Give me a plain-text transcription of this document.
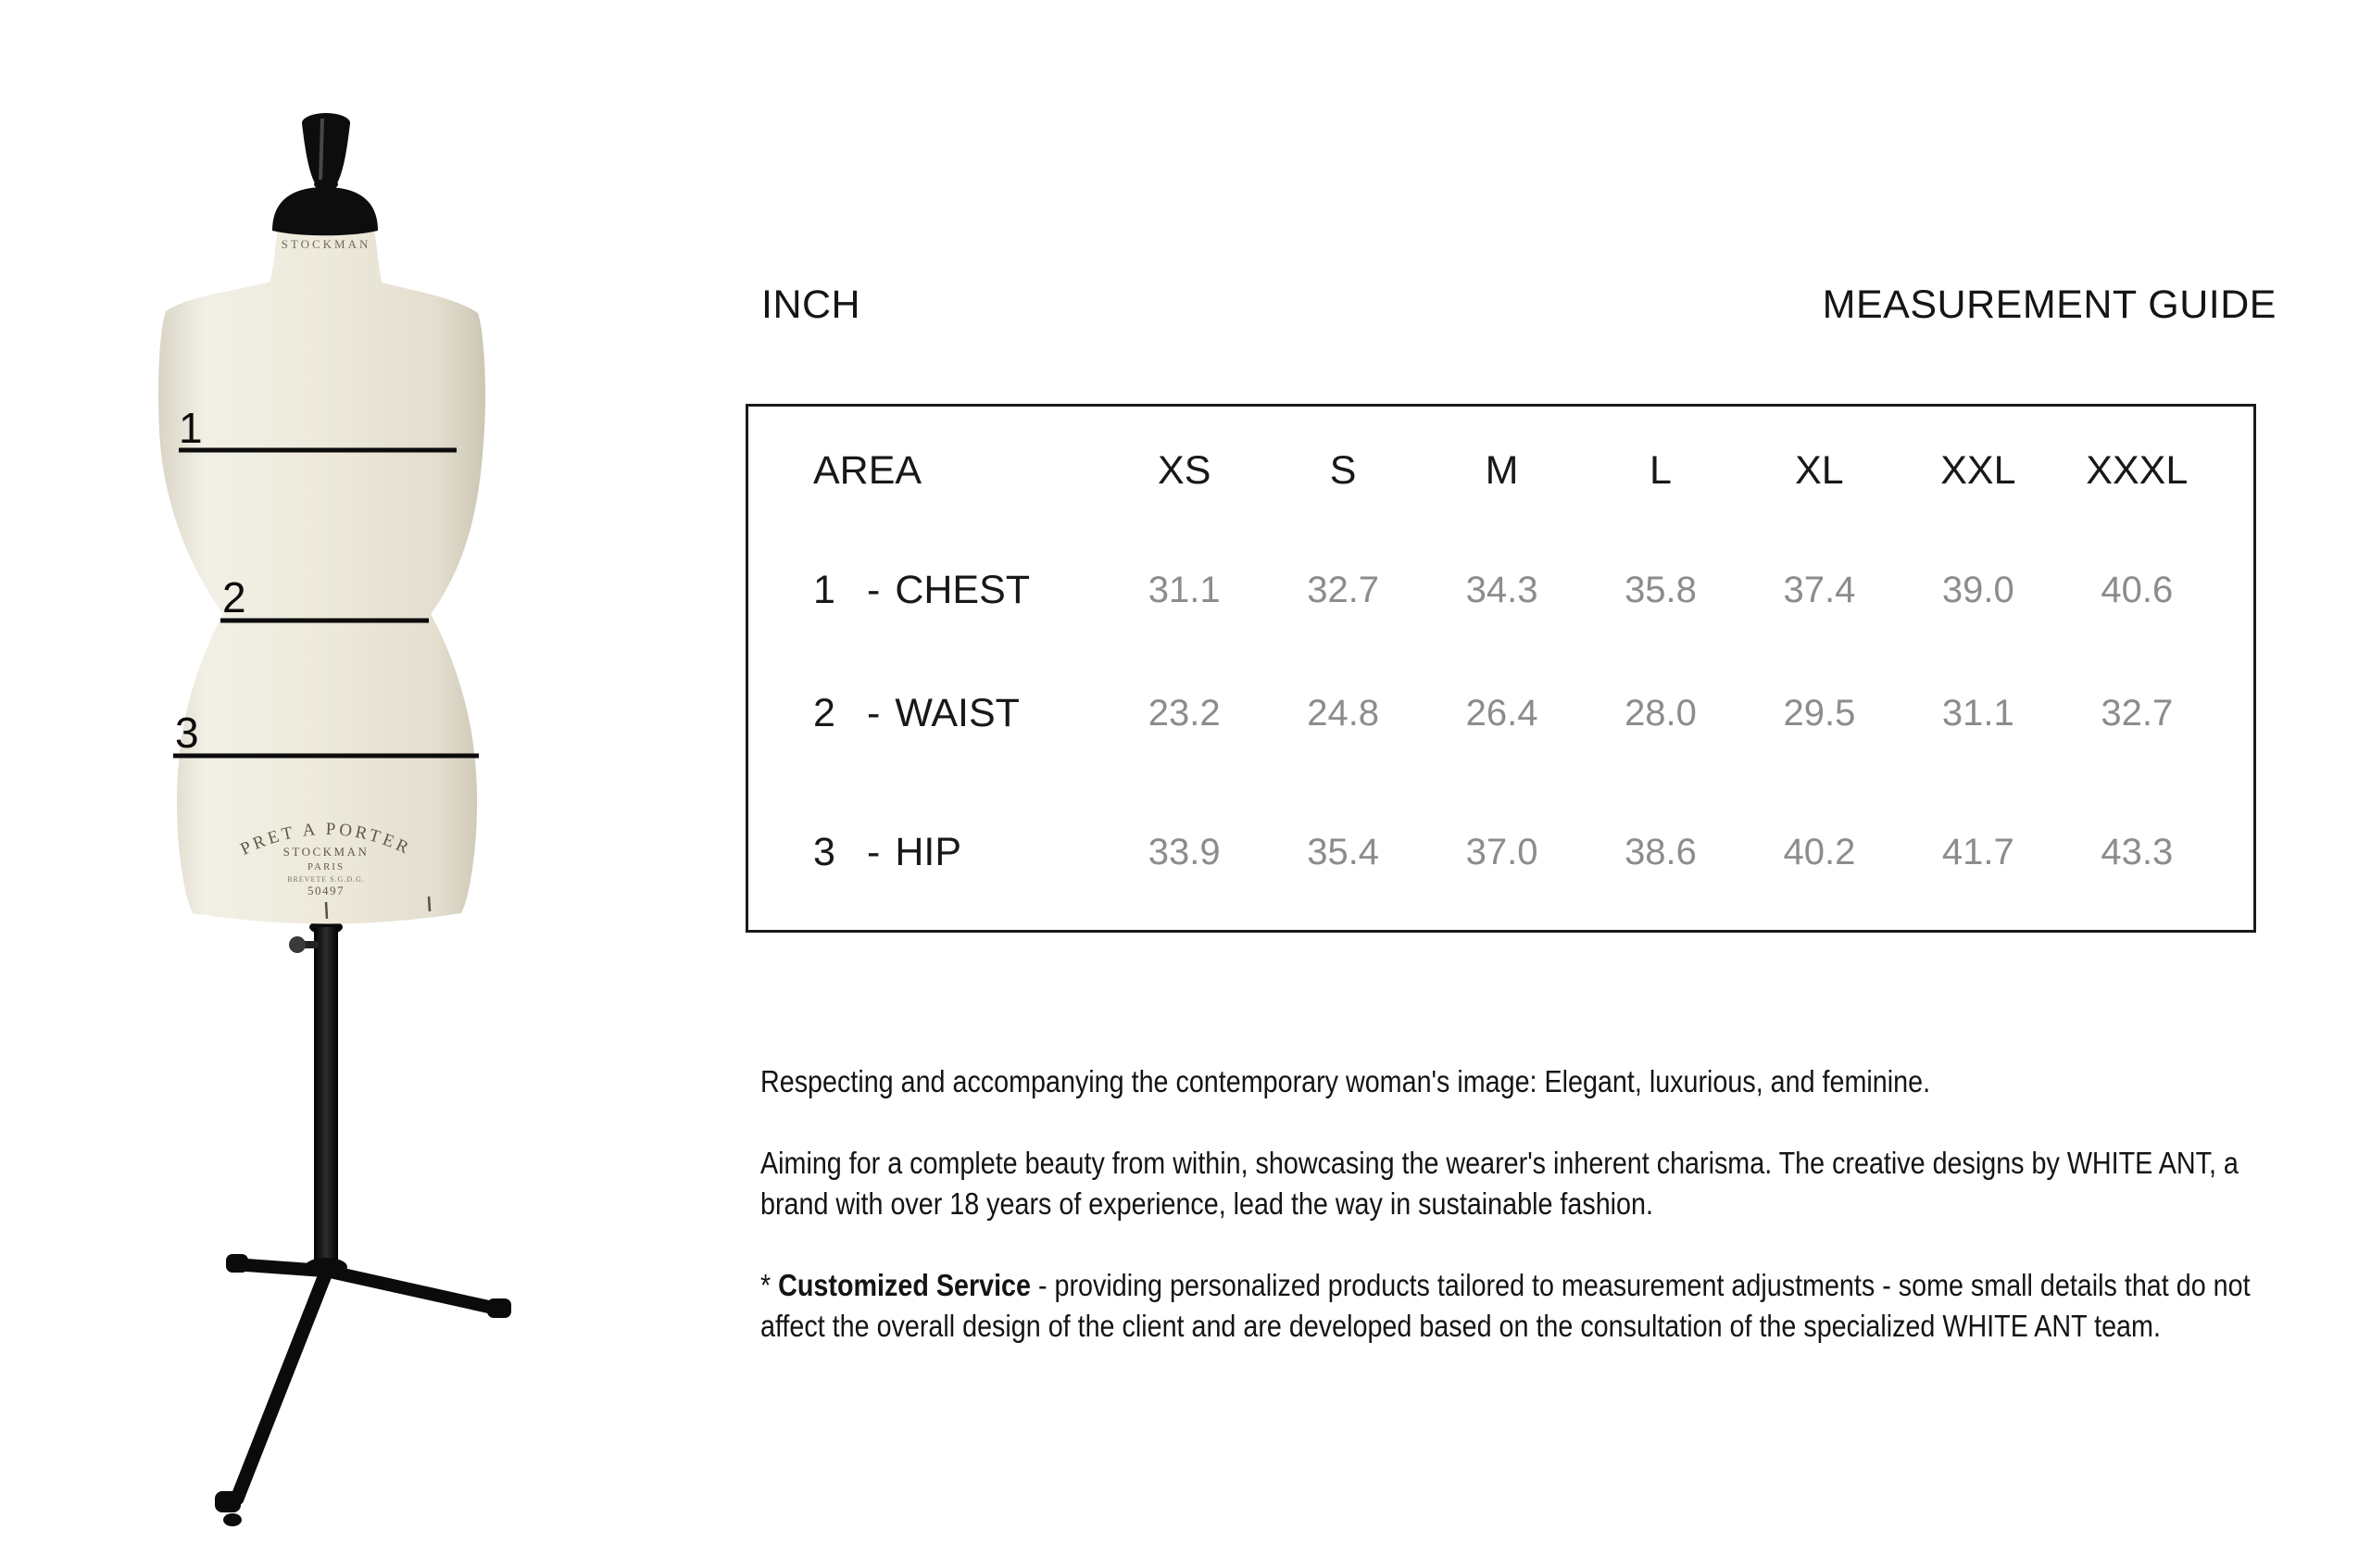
STOCKMAN
PRET A PORTER
STOCKMAN
PARIS
BREVETE S.G.D.G.
50497
1
2
3
INCH	MEASUREMENT GUIDE
AREA	XS	S	M	L	XL	XXL	XXXL
1 - CHEST	31.1	32.7	34.3	35.8	37.4	39.0	40.6
2 - WAIST	23.2	24.8	26.4	28.0	29.5	31.1	32.7
3 - HIP	33.9	35.4	37.0	38.6	40.2	41.7	43.3

Respecting and accompanying the contemporary woman's image: Elegant, luxurious, and feminine.

Aiming for a complete beauty from within, showcasing the wearer's inherent charisma. The creative designs by WHITE ANT, a brand with over 18 years of experience, lead the way in sustainable fashion.

* Customized Service - providing personalized products tailored to measurement adjustments - some small details that do not affect the overall design of the client and are developed based on the consultation of the specialized WHITE ANT team.
